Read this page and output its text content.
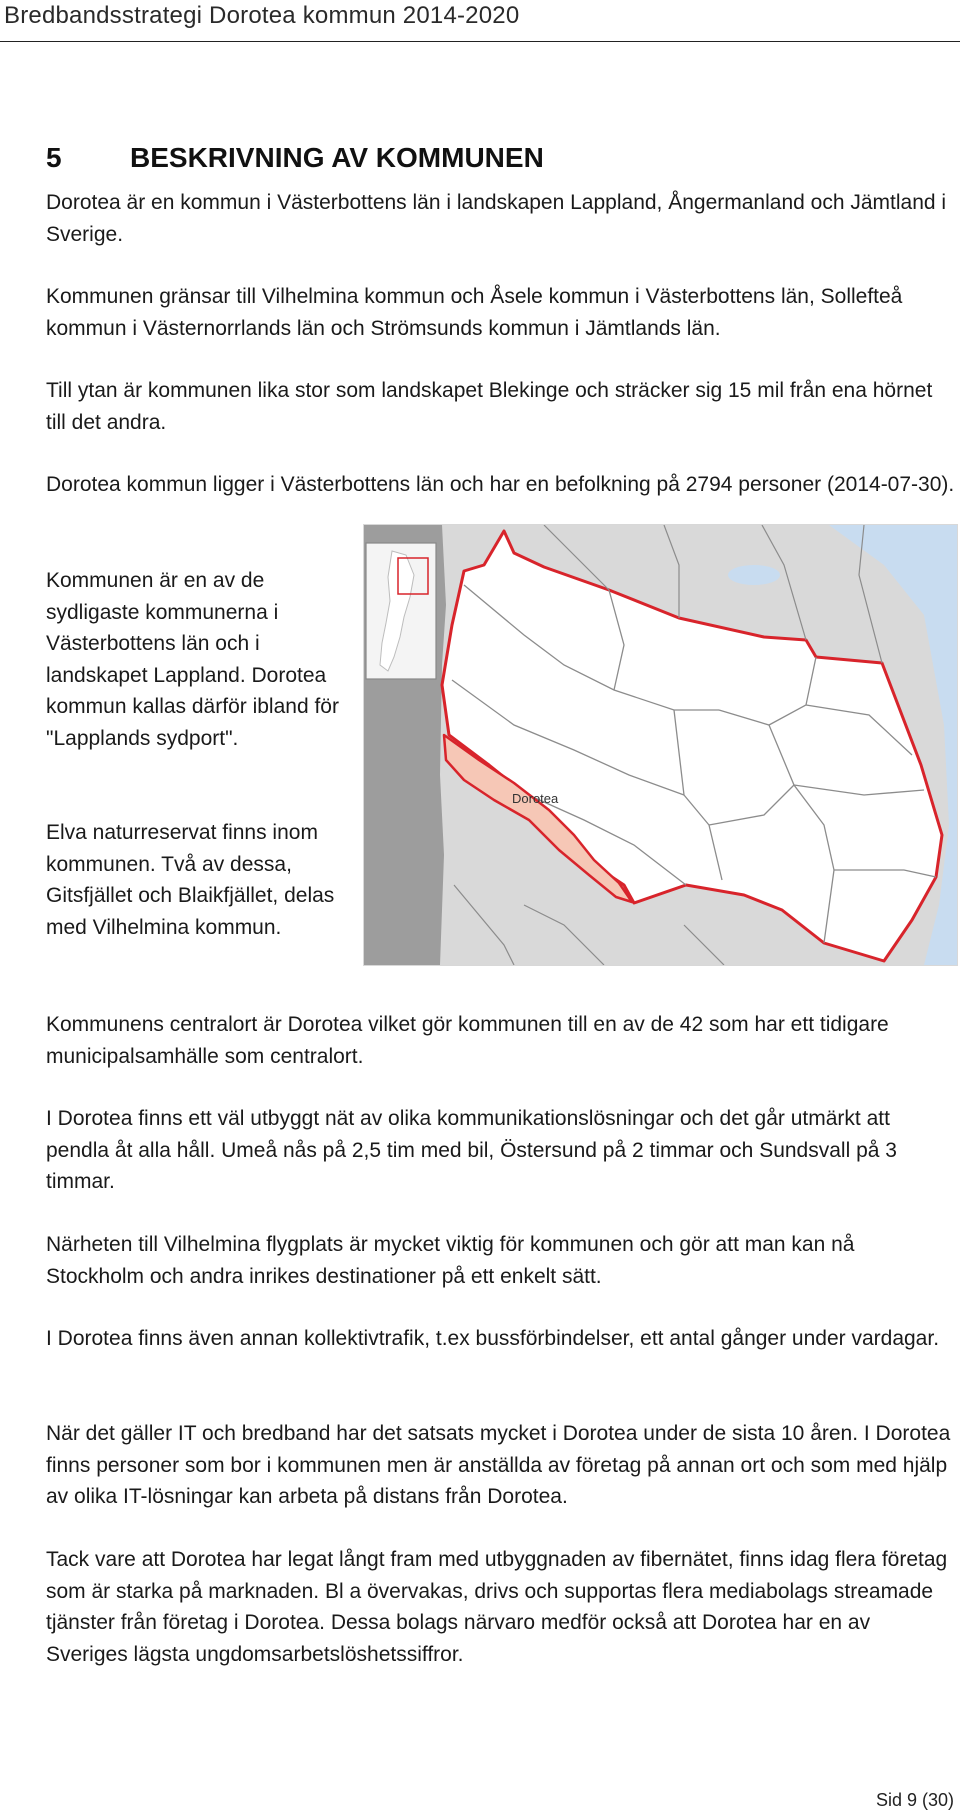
Bredbandsstrategi Dorotea kommun 2014-2020
5 BESKRIVNING AV KOMMUNEN

Dorotea är en kommun i Västerbottens län i landskapen Lappland, Ångermanland och Jämtland i Sverige.

Kommunen gränsar till Vilhelmina kommun och Åsele kommun i Västerbottens län, Sollefteå kommun i Västernorrlands län och Strömsunds kommun i Jämtlands län.

Till ytan är kommunen lika stor som landskapet Blekinge och sträcker sig 15 mil från ena hörnet till det andra.

Dorotea kommun ligger i Västerbottens län och har en befolkning på 2794 personer (2014-07-30).

Kommunen är en av de sydligaste kommunerna i Västerbottens län och i landskapet Lappland. Dorotea kommun kallas därför ibland för "Lapplands sydport".

Elva naturreservat finns inom kommunen. Två av dessa, Gitsfjället och Blaikfjället, delas med Vilhelmina kommun.

Dorotea

Kommunens centralort är Dorotea vilket gör kommunen till en av de 42 som har ett tidigare municipalsamhälle som centralort.

I Dorotea finns ett väl utbyggt nät av olika kommunikationslösningar och det går utmärkt att pendla åt alla håll. Umeå nås på 2,5 tim med bil, Östersund på 2 timmar och Sundsvall på 3 timmar.

Närheten till Vilhelmina flygplats är mycket viktig för kommunen och gör att man kan nå Stockholm och andra inrikes destinationer på ett enkelt sätt.

I Dorotea finns även annan kollektivtrafik, t.ex bussförbindelser, ett antal gånger under vardagar.

När det gäller IT och bredband har det satsats mycket i Dorotea under de sista 10 åren. I Dorotea finns personer som bor i kommunen men är anställda av företag på annan ort och som med hjälp av olika IT-lösningar kan arbeta på distans från Dorotea.

Tack vare att Dorotea har legat långt fram med utbyggnaden av fibernätet, finns idag flera företag som är starka på marknaden. Bl a övervakas, drivs och supportas flera mediabolags streamade tjänster från företag i Dorotea. Dessa bolags närvaro medför också att Dorotea har en av Sveriges lägsta ungdomsarbetslöshetssiffror.

Sid 9 (30)
